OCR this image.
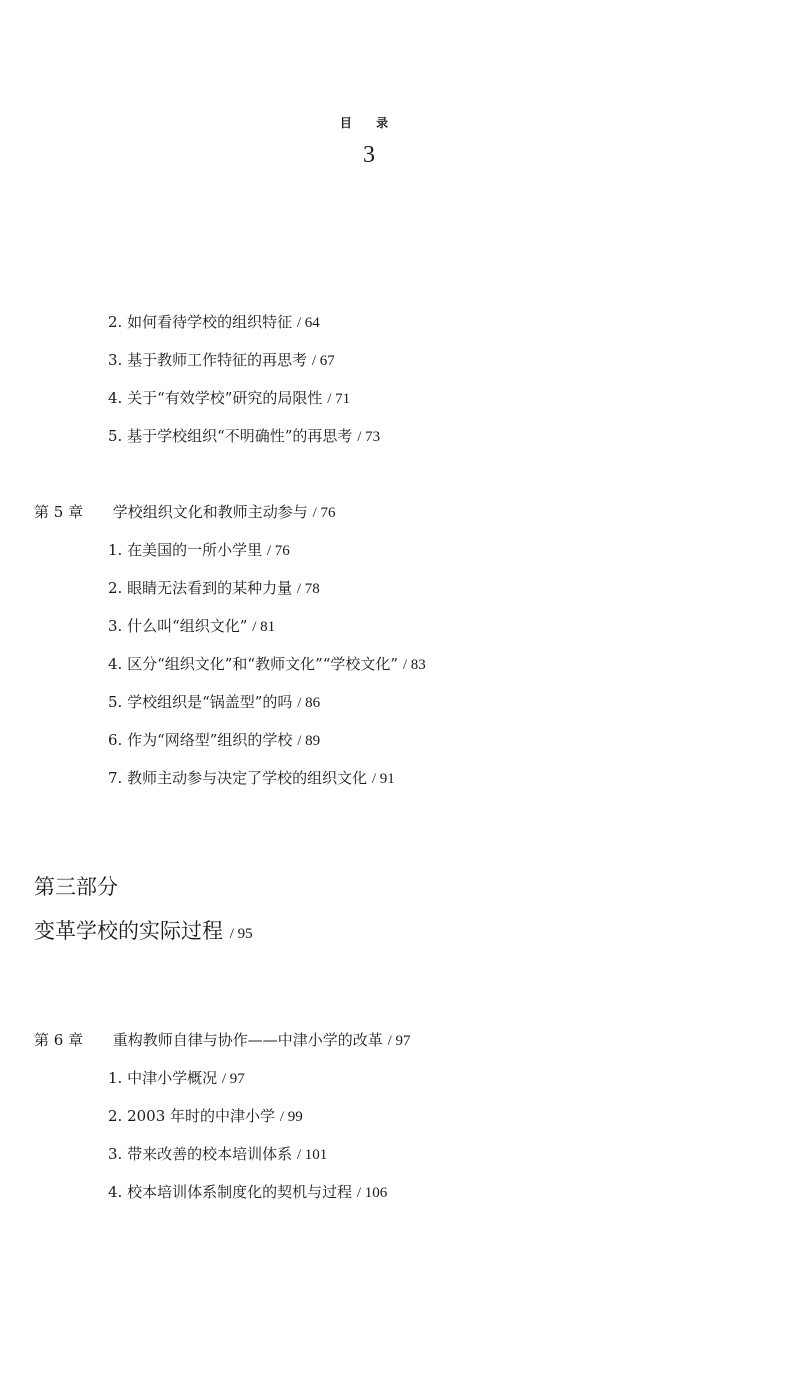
目 录
3
2. 如何看待学校的组织特征 / 64
3. 基于教师工作特征的再思考 / 67
4. 关于“有效学校”研究的局限性 / 71
5. 基于学校组织“不明确性”的再思考 / 73
第 5 章 学校组织文化和教师主动参与 / 76
1. 在美国的一所小学里 / 76
2. 眼睛无法看到的某种力量 / 78
3. 什么叫“组织文化” / 81
4. 区分“组织文化”和“教师文化”“学校文化” / 83
5. 学校组织是“锅盖型”的吗 / 86
6. 作为“网络型”组织的学校 / 89
7. 教师主动参与决定了学校的组织文化 / 91
第三部分
变革学校的实际过程 / 95
第 6 章 重构教师自律与协作——中津小学的改革 / 97
1. 中津小学概况 / 97
2. 2003 年时的中津小学 / 99
3. 带来改善的校本培训体系 / 101
4. 校本培训体系制度化的契机与过程 / 106
